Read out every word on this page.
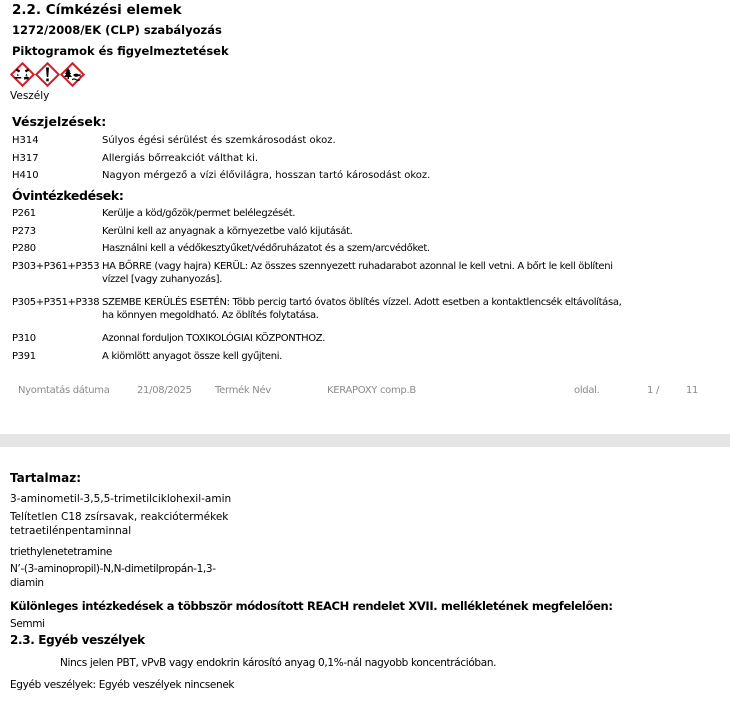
2.2. Címkézési elemek
1272/2008/EK (CLP) szabályozás
Piktogramok és figyelmeztetések
Veszély
Vészjelzések:
H314	Súlyos égési sérülést és szemkárosodást okoz.
H317	Allergiás bőrreakciót válthat ki.
H410	Nagyon mérgező a vízi élővilágra, hosszan tartó károsodást okoz.
Óvintézkedések:
P261	Kerülje a köd/gőzök/permet belélegzését.
P273	Kerülni kell az anyagnak a környezetbe való kijutását.
P280	Használni kell a védőkesztyűket/védőruházatot és a szem/arcvédőket.
P303+P361+P353 HA BŐRRE (vagy hajra) KERÜL: Az összes szennyezett ruhadarabot azonnal le kell vetni. A bőrt le kell öblíteni vízzel [vagy zuhanyozás].
P305+P351+P338 SZEMBE KERÜLÉS ESETÉN: Több percig tartó óvatos öblítés vízzel. Adott esetben a kontaktlencsék eltávolítása, ha könnyen megoldható. Az öblítés folytatása.
P310	Azonnal forduljon TOXIKOLÓGIAI KÖZPONTHOZ.
P391	A kiömlött anyagot össze kell gyűjteni.
Nyomtatás dátuma	21/08/2025 Termék Név	KERAPOXY comp.B	oldal.	1 /	11
Tartalmaz:
3-aminometil-3,5,5-trimetilciklohexil-amin
Telítetlen C18 zsírsavak, reakciótermékek
tetraetilénpentaminnal
triethylenetetramine
N’-(3-aminopropil)-N,N-dimetilpropán-1,3-
diamin
Különleges intézkedések a többször módosított REACH rendelet XVII. mellékletének megfelelően:
Semmi
2.3. Egyéb veszélyek
Nincs jelen PBT, vPvB vagy endokrin károsító anyag 0,1%-nál nagyobb koncentrációban.
Egyéb veszélyek: Egyéb veszélyek nincsenek
